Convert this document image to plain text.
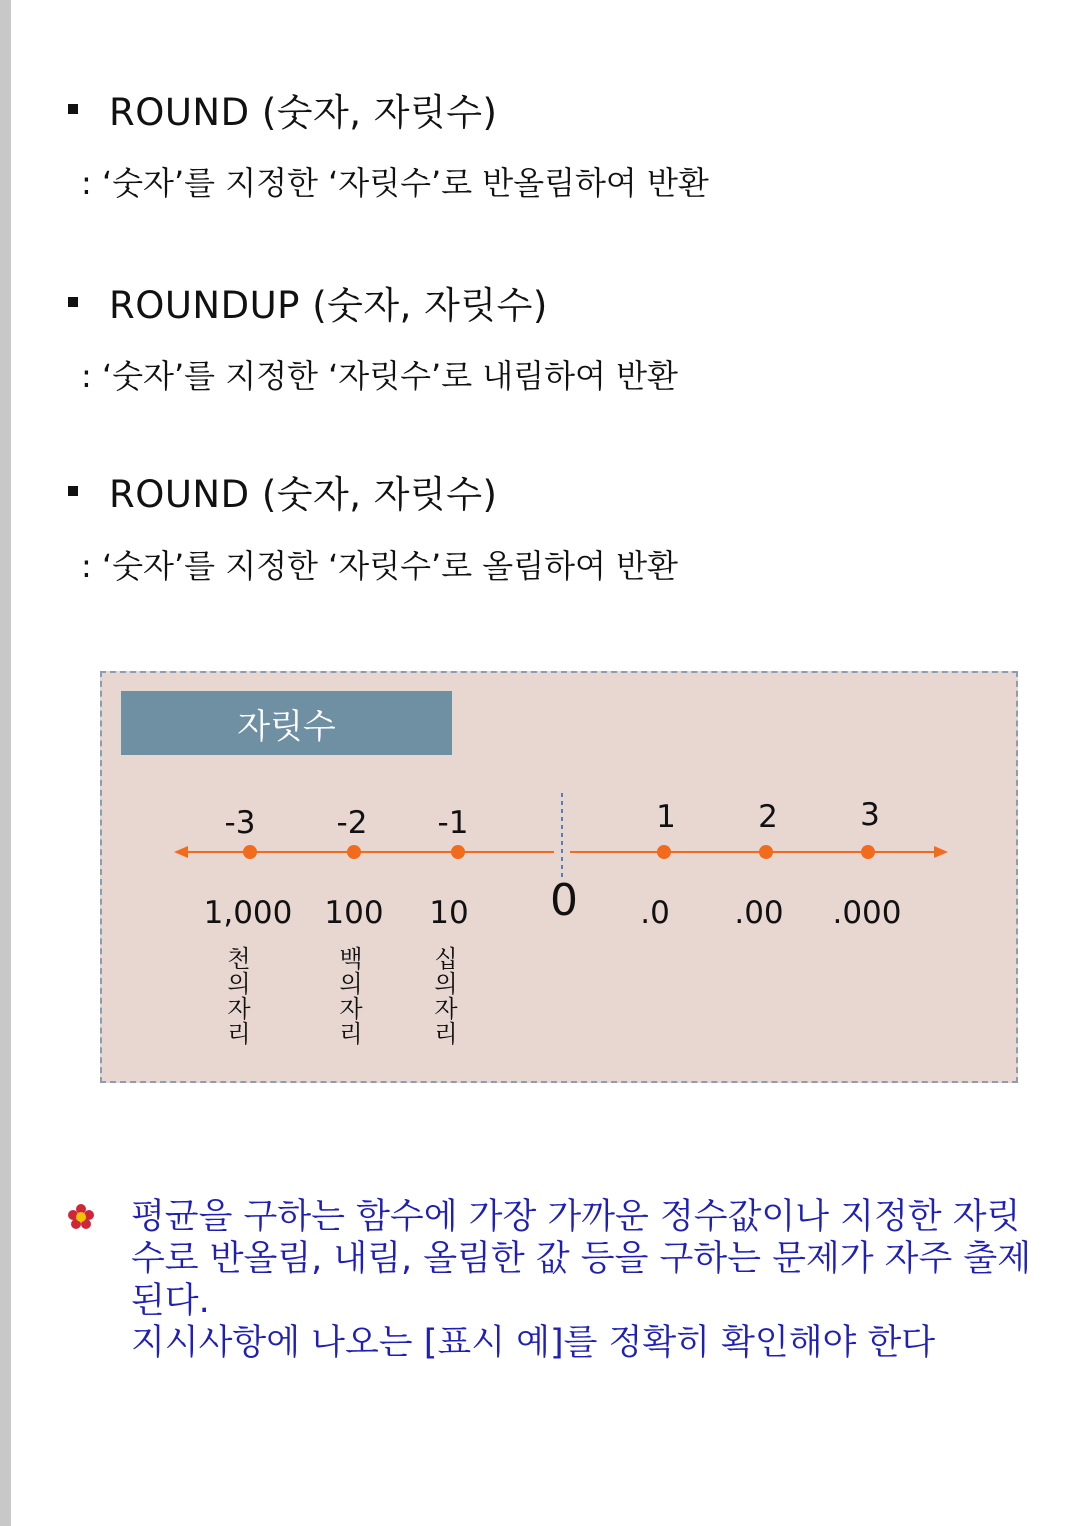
ROUND (숫자, 자릿수)
: ‘숫자’를 지정한 ‘자릿수’로 반올림하여 반환
ROUNDUP (숫자, 자릿수)
: ‘숫자’를 지정한 ‘자릿수’로 내림하여 반환
ROUND (숫자, 자릿수)
: ‘숫자’를 지정한 ‘자릿수’로 올림하여 반환
자릿수
-3	-2 -1	1	2	3
0
1,000 100 10	.0 .00 .000
천의자리
백의자리
십의자리

평균을 구하는 함수에 가장 가까운 정수값이나 지정한 자릿수로 반올림, 내림, 올림한 값 등을 구하는 문제가 자주 출제 된다.

지시사항에 나오는 [표시 예]를 정확히 확인해야 한다
